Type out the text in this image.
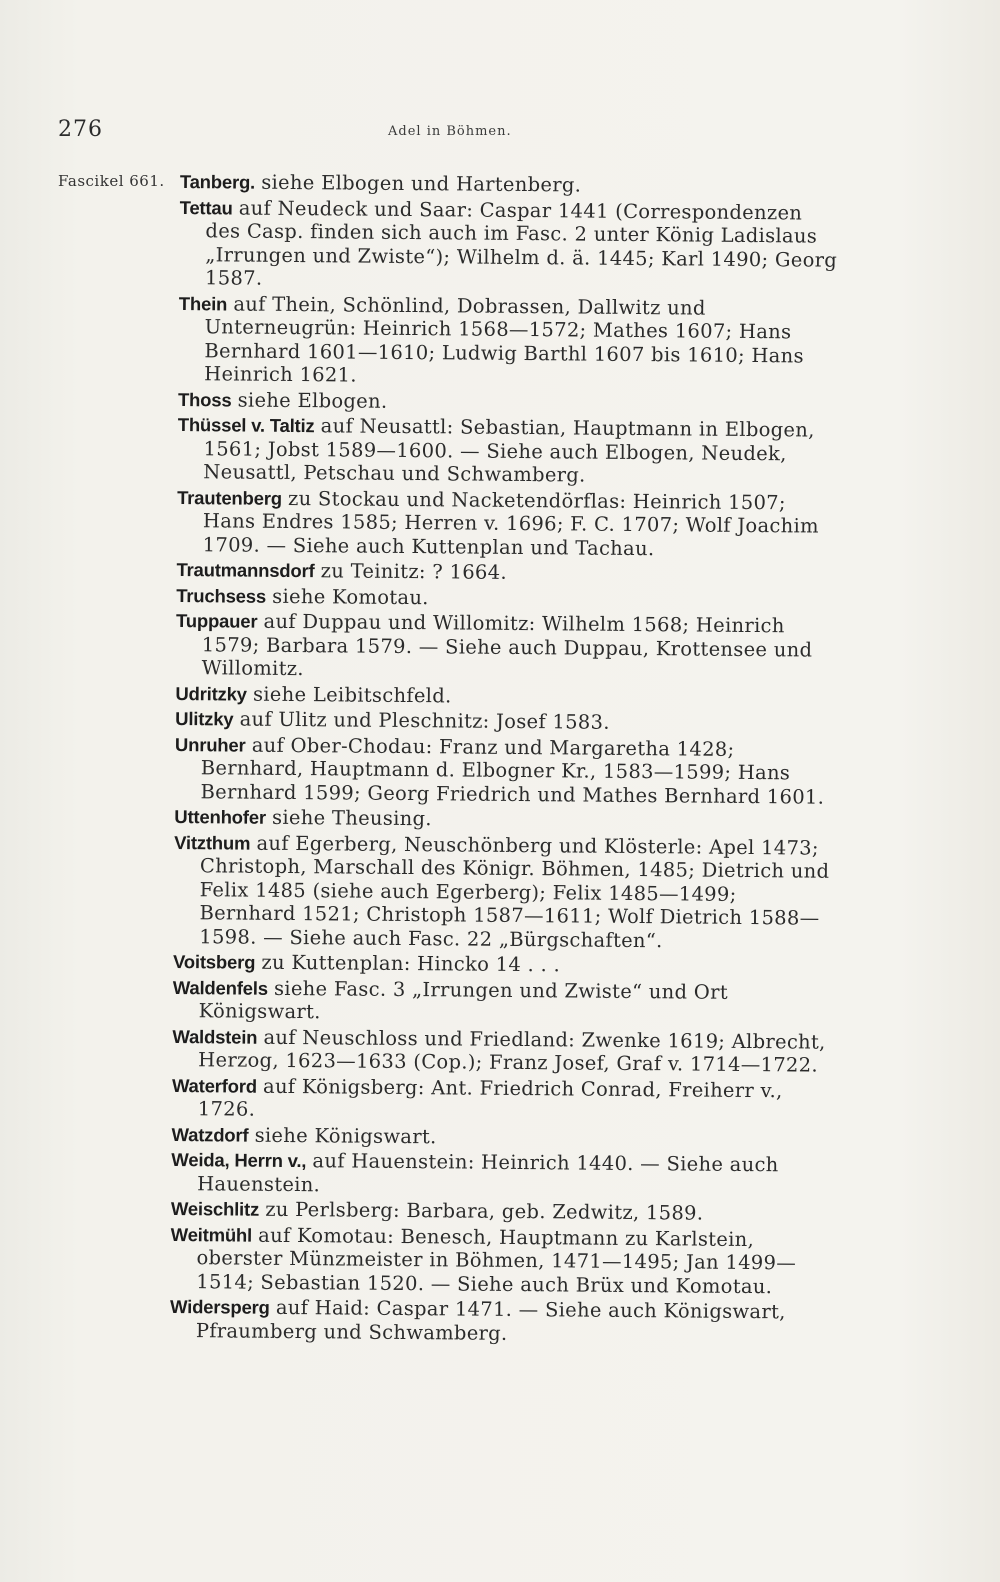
276	Adel in Böhmen.
Fascikel 661. Tanberg. siehe Elbogen und Hartenberg.

Tettau auf Neudeck und Saar: Caspar 1441 (Correspondenzen des Casp. finden sich auch im Fasc. 2 unter König Ladislaus „Irrungen und Zwiste“); Wilhelm d. ä. 1445; Karl 1490; Georg 1587.

Thein auf Thein, Schönlind, Dobrassen, Dallwitz und Unterneugrün: Heinrich 1568—1572; Mathes 1607; Hans Bernhard 1601—1610; Ludwig Barthl 1607 bis 1610; Hans Heinrich 1621.

Thoss siehe Elbogen.

Thüssel v. Taltiz auf Neusattl: Sebastian, Hauptmann in Elbogen, 1561; Jobst 1589—1600. — Siehe auch Elbogen, Neudek, Neusattl, Petschau und Schwamberg.

Trautenberg zu Stockau und Nacketendörflas: Heinrich 1507; Hans Endres 1585; Herren v. 1696; F. C. 1707; Wolf Joachim 1709. — Siehe auch Kuttenplan und Tachau.

Trautmannsdorf zu Teinitz: ? 1664.

Truchsess siehe Komotau.

Tuppauer auf Duppau und Willomitz: Wilhelm 1568; Heinrich 1579; Barbara 1579. — Siehe auch Duppau, Krottensee und Willomitz.

Udritzky siehe Leibitschfeld.

Ulitzky auf Ulitz und Pleschnitz: Josef 1583.

Unruher auf Ober-Chodau: Franz und Margaretha 1428; Bernhard, Hauptmann d. Elbogner Kr., 1583—1599; Hans Bernhard 1599; Georg Friedrich und Mathes Bernhard 1601.

Uttenhofer siehe Theusing.

Vitzthum auf Egerberg, Neuschönberg und Klösterle: Apel 1473; Christoph, Marschall des Königr. Böhmen, 1485; Dietrich und Felix 1485 (siehe auch Egerberg); Felix 1485—1499; Bernhard 1521; Christoph 1587—1611; Wolf Dietrich 1588—1598. — Siehe auch Fasc. 22 „Bürgschaften“.

Voitsberg zu Kuttenplan: Hincko 14 . . .

Waldenfels siehe Fasc. 3 „Irrungen und Zwiste“ und Ort Königswart.

Waldstein auf Neuschloss und Friedland: Zwenke 1619; Albrecht, Herzog, 1623—1633 (Cop.); Franz Josef, Graf v. 1714—1722.

Waterford auf Königsberg: Ant. Friedrich Conrad, Freiherr v., 1726.

Watzdorf siehe Königswart.

Weida, Herrn v., auf Hauenstein: Heinrich 1440. — Siehe auch Hauenstein.

Weischlitz zu Perlsberg: Barbara, geb. Zedwitz, 1589.

Weitmühl auf Komotau: Benesch, Hauptmann zu Karlstein, oberster Münzmeister in Böhmen, 1471—1495; Jan 1499—1514; Sebastian 1520. — Siehe auch Brüx und Komotau.

Widersperg auf Haid: Caspar 1471. — Siehe auch Königswart, Pfraumberg und Schwamberg.
